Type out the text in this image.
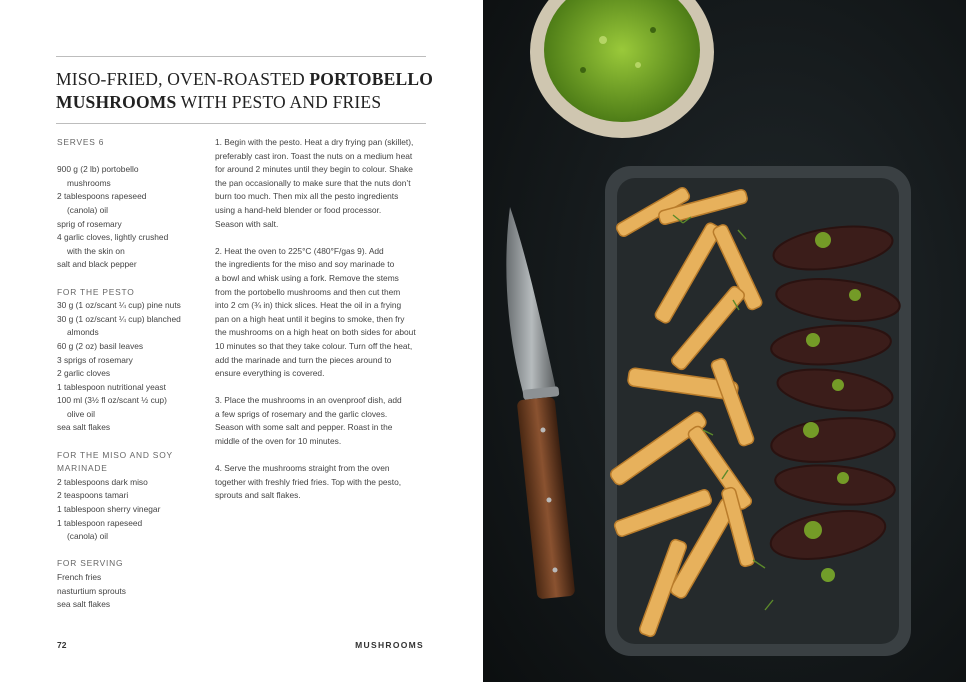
MISO-FRIED, OVEN-ROASTED PORTOBELLO
MUSHROOMS WITH PESTO AND FRIES
SERVES 6
900 g (2 lb) portobello
mushrooms
2 tablespoons rapeseed
(canola) oil
sprig of rosemary
4 garlic cloves, lightly crushed
with the skin on
salt and black pepper
FOR THE PESTO
30 g (1 oz/scant ¼ cup) pine nuts
30 g (1 oz/scant ¼ cup) blanched
almonds
60 g (2 oz) basil leaves
3 sprigs of rosemary
2 garlic cloves
1 tablespoon nutritional yeast
100 ml (3½ fl oz/scant ½ cup)
olive oil
sea salt flakes
FOR THE MISO AND SOY
MARINADE
2 tablespoons dark miso
2 teaspoons tamari
1 tablespoon sherry vinegar
1 tablespoon rapeseed
(canola) oil
FOR SERVING
French fries
nasturtium sprouts
sea salt flakes

1. Begin with the pesto. Heat a dry frying pan (skillet),
preferably cast iron. Toast the nuts on a medium heat
for around 2 minutes until they begin to colour. Shake
the pan occasionally to make sure that the nuts don’t
burn too much. Then mix all the pesto ingredients
using a hand-held blender or food processor.
Season with salt.

2. Heat the oven to 225°C (480°F/gas 9). Add
the ingredients for the miso and soy marinade to
a bowl and whisk using a fork. Remove the stems
from the portobello mushrooms and then cut them
into 2 cm (¾ in) thick slices. Heat the oil in a frying
pan on a high heat until it begins to smoke, then fry
the mushrooms on a high heat on both sides for about
10 minutes so that they take colour. Turn off the heat,
add the marinade and turn the pieces around to
ensure everything is covered.

3. Place the mushrooms in an ovenproof dish, add
a few sprigs of rosemary and the garlic cloves.
Season with some salt and pepper. Roast in the
middle of the oven for 10 minutes.

4. Serve the mushrooms straight from the oven
together with freshly fried fries. Top with the pesto,
sprouts and salt flakes.

72	MUSHROOMS
